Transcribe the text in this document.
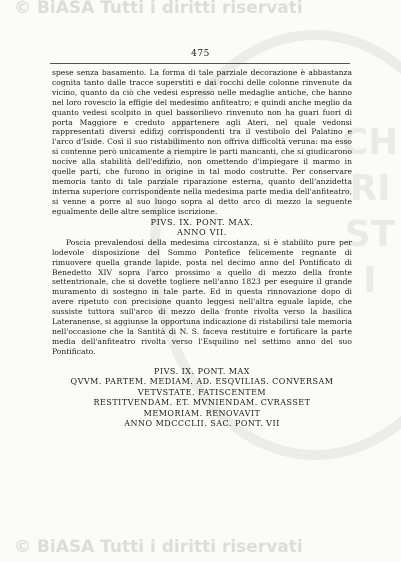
CHRISTI
© BiASA Tutti i diritti riservati
475

spese senza basamento. La forma di tale parziale decorazione è abbastanza cognita tanto dalle tracce superstiti e dai rocchi delle colonne rinvenute da vicino, quanto da ciò che vedesi espresso nelle medaglie antiche, che hanno nel loro rovescio la effigie del medesimo anfiteatro; e quindi anche meglio da quanto vedesi scolpito in quel bassorilievo rinvenuto non ha guari fuori di porta Maggiore e creduto appartenere agli Ateri, nel quale vedonsi rappresentati diversi edifizj corrispondenti tra il vestibolo del Palatino e l'arco d'Iside. Così il suo ristabilimento non offriva difficoltà veruna: ma esso si contenne però unicamente a riempire le parti mancanti, che si giudicarono nocive alla stabilità dell'edifizio, non omettendo d'impiegare il marmo in quelle parti, che furono in origine in tal modo costrutte. Per conservare memoria tanto di tale parziale riparazione esterna, quanto dell'anzidetta interna superiore corrispondente nella medesima parte media dell'anfiteatro, si venne a porre al suo luogo sopra al detto arco di mezzo la seguente egualmente delle altre semplice iscrizione.

PIVS. IX. PONT. MAX.

ANNO VII.

Poscia prevalendosi della medesima circostanza, si è stabilito pure per lodevole disposizione del Sommo Pontefice felicemente regnante di rimuovere quella grande lapide, posta nel decimo anno del Pontificato di Benedetto XIV sopra l'arco prossimo a quello di mezzo della fronte settentrionale, che si dovette togliere nell'anno 1823 per eseguire il grande muramento di sostegno in tale parte. Ed in questa rinnovazione dopo di avere ripetuto con precisione quanto leggesi nell'altra eguale lapide, che sussiste tuttora sull'arco di mezzo della fronte rivolta verso la basilica Lateranense, si aggiunse la opportuna indicazione di ristabilirsi tale memoria nell'occasione che la Santità di N. S. faceva restituire e fortificare la parte media dell'anfiteatro rivolta verso l'Esquilino nel settimo anno del suo Pontificato.

PIVS. IX. PONT. MAX
QVVM. PARTEM. MEDIAM. AD. ESQVILIAS. CONVERSAM
VETVSTATE. FATISCENTEM
RESTITVENDAM. ET. MVNIENDAM. CVRASSET
MEMORIAM. RENOVAVIT
ANNO MDCCCLII. SAC. PONT. VII
© BiASA Tutti i diritti riservati
